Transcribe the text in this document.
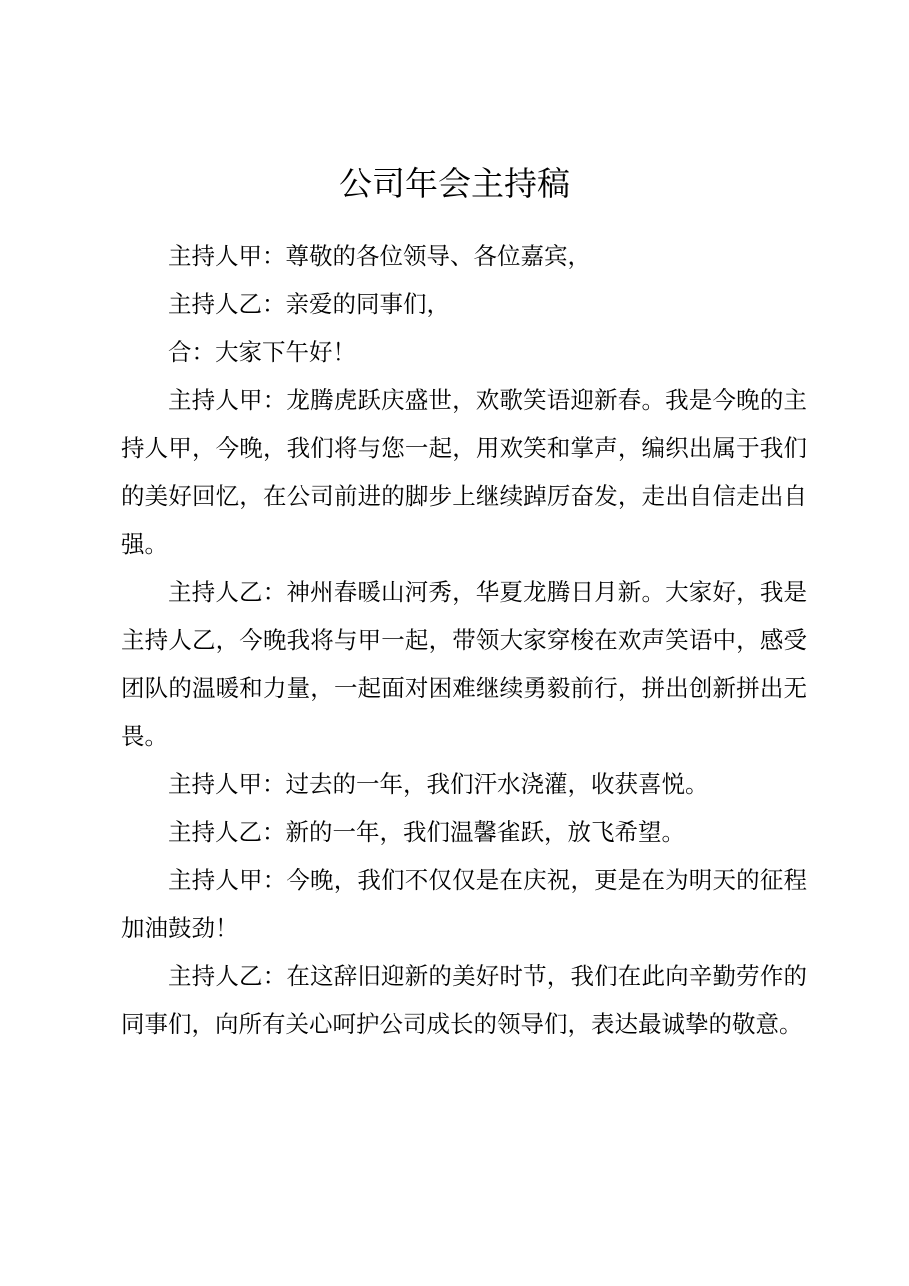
公司年会主持稿

主持人甲：尊敬的各位领导、各位嘉宾，

主持人乙：亲爱的同事们，

合：大家下午好！

主持人甲：龙腾虎跃庆盛世，欢歌笑语迎新春。我是今晚的主持人甲，今晚，我们将与您一起，用欢笑和掌声，编织出属于我们的美好回忆，在公司前进的脚步上继续踔厉奋发，走出自信走出自强。

主持人乙：神州春暖山河秀，华夏龙腾日月新。大家好，我是主持人乙，今晚我将与甲一起，带领大家穿梭在欢声笑语中，感受团队的温暖和力量，一起面对困难继续勇毅前行，拼出创新拼出无畏。

主持人甲：过去的一年，我们汗水浇灌，收获喜悦。

主持人乙：新的一年，我们温馨雀跃，放飞希望。

主持人甲：今晚，我们不仅仅是在庆祝，更是在为明天的征程加油鼓劲！

主持人乙：在这辞旧迎新的美好时节，我们在此向辛勤劳作的同事们，向所有关心呵护公司成长的领导们，表达最诚挚的敬意。
